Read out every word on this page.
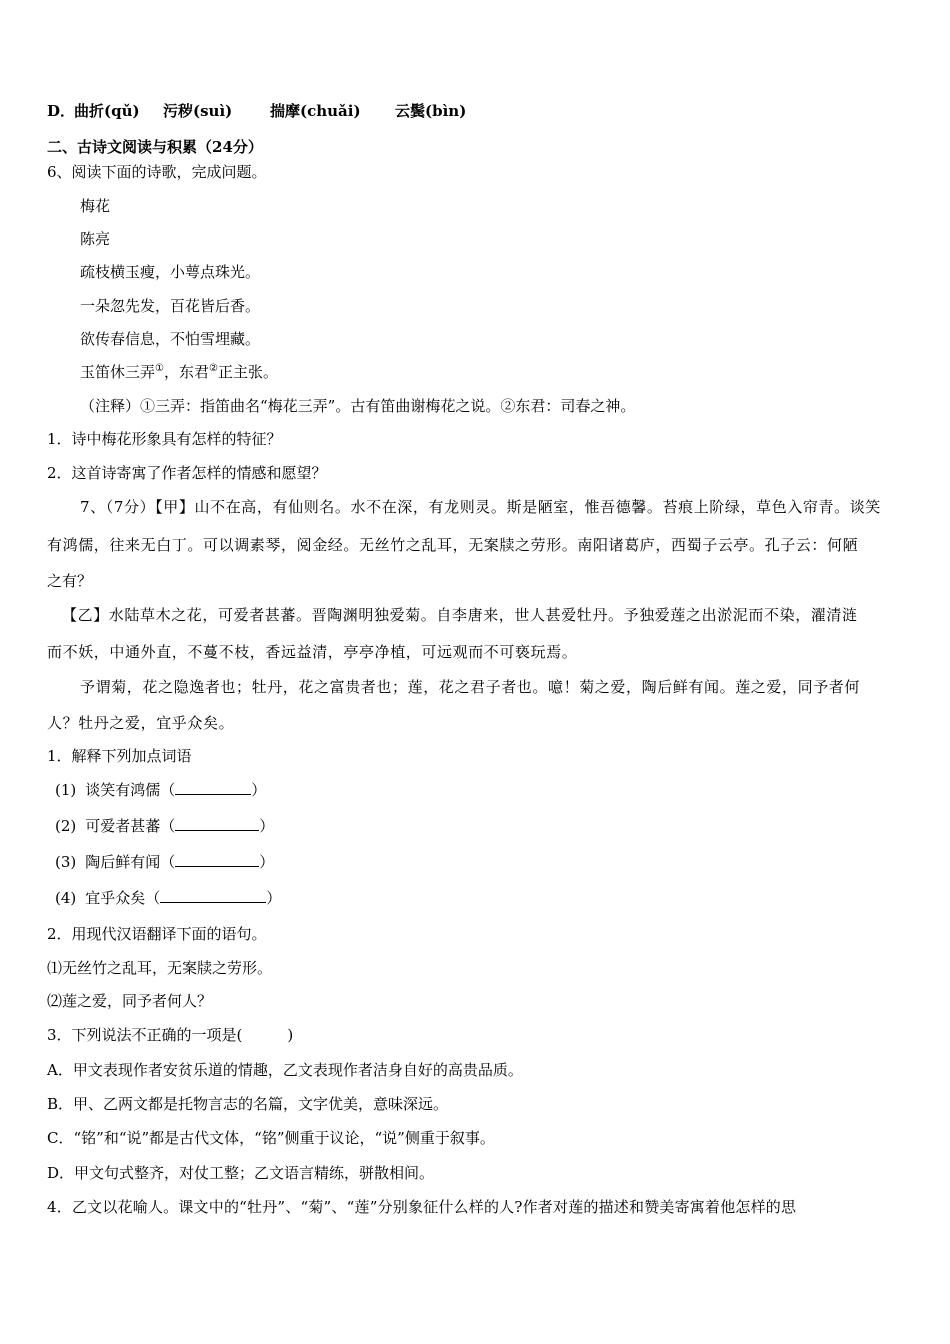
D．
曲折(qǔ) 污秽(suì)	揣摩(chuǎi) 云鬓(bìn)
二、古诗文阅读与积累（24分）
6、阅读下面的诗歌，完成问题。
梅花
陈亮
疏枝横玉瘦，小萼点珠光。
一朵忽先发，百花皆后香。
欲传春信息，不怕雪埋藏。
玉笛休三弄①，东君②正主张。
（注释）①三弄：指笛曲名“梅花三弄”。古有笛曲谢梅花之说。②东君：司春之神。
1．诗中梅花形象具有怎样的特征？
2．这首诗寄寓了作者怎样的情感和愿望？
7、（7分）【甲】山不在高，有仙则名。水不在深，有龙则灵。斯是陋室，惟吾德馨。苔痕上阶绿，草色入帘青。谈笑
有鸿儒，往来无白丁。可以调素琴，阅金经。无丝竹之乱耳，无案牍之劳形。南阳诸葛庐，西蜀子云亭。孔子云：何陋
之有？
【乙】水陆草木之花，可爱者甚蕃。晋陶渊明独爱菊。自李唐来，世人甚爱牡丹。予独爱莲之出淤泥而不染，濯清涟
而不妖，中通外直，不蔓不枝，香远益清，亭亭净植，可远观而不可亵玩焉。
予谓菊，花之隐逸者也；牡丹，花之富贵者也；莲，花之君子者也。噫！菊之爱，陶后鲜有闻。莲之爱，同予者何
人？牡丹之爱，宜乎众矣。
1．解释下列加点词语
(1) 谈笑有鸿儒（	）
(2) 可爱者甚蕃（	）
(3) 陶后鲜有闻（	）
(4) 宜乎众矣（	）
2．用现代汉语翻译下面的语句。
⑴无丝竹之乱耳，无案牍之劳形。
⑵莲之爱，同予者何人？
3．下列说法不正确的一项是(　　　)
A．甲文表现作者安贫乐道的情趣，乙文表现作者洁身自好的高贵品质。
B．甲、乙两文都是托物言志的名篇，文字优美，意味深远。
C．“铭”和“说”都是古代文体，“铭”侧重于议论，“说”侧重于叙事。
D．甲文句式整齐，对仗工整；乙文语言精练，骈散相间。
4．乙文以花喻人。课文中的“牡丹”、“菊”、“莲”分别象征什么样的人?作者对莲的描述和赞美寄寓着他怎样的思
